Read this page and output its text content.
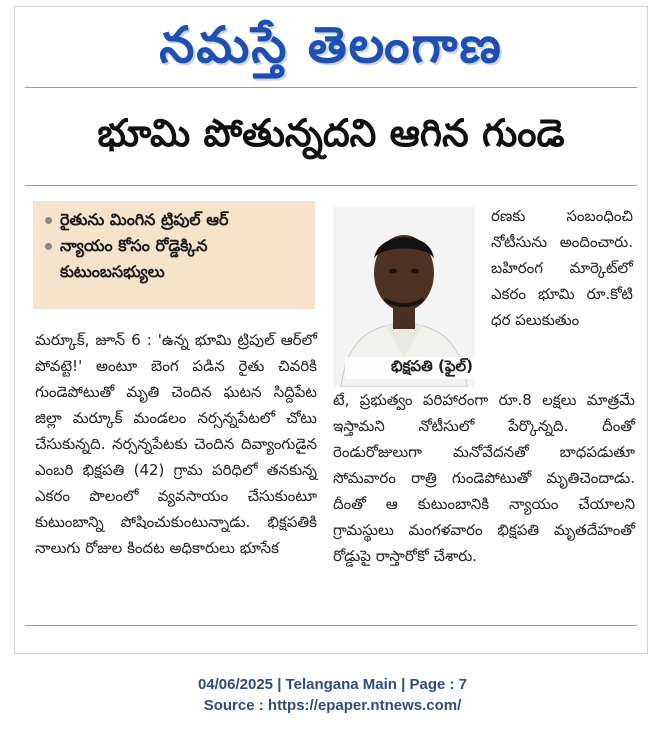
నమస్తే తెలంగాణ
భూమి పోతున్నదని ఆగిన గుండె
రైతును మింగిన ట్రిపుల్ ఆర్
న్యాయం కోసం రోడ్డెక్కిన కుటుంబసభ్యులు
భిక్షపతి (ఫైల్)

మర్కూక్, జూన్ 6 : 'ఉన్న భూమి ట్రిపుల్ ఆర్‌లో పోవట్టె!' అంటూ బెంగ పడిన రైతు చివరికి గుండెపోటుతో మృతి చెందిన ఘటన సిద్దిపేట జిల్లా మర్కూక్ మండలం నర్సన్నపేటలో చోటు చేసుకున్నది. నర్సన్నపేటకు చెందిన దివ్యాంగుడైన ఎంబరి భిక్షపతి (42) గ్రామ పరిధిలో తనకున్న ఎకరం పొలంలో వ్యవసాయం చేసుకుంటూ కుటుంబాన్ని పోషించుకుంటున్నాడు. భిక్షపతికి నాలుగు రోజుల కిందట అధికారులు భూసేక

రణకు సంబంధించి నోటీసును అందించారు. బహిరంగ మార్కెట్‌లో ఎకరం భూమి రూ.కోటి ధర పలుకుతుం

టే, ప్రభుత్వం పరిహారంగా రూ.8 లక్షలు మాత్రమే ఇస్తామని నోటీసులో పేర్కొన్నది. దీంతో రెండురోజులుగా మనోవేదనతో బాధపడుతూ సోమవారం రాత్రి గుండెపోటుతో మృతిచెందాడు. దీంతో ఆ కుటుంబానికి న్యాయం చేయాలని గ్రామస్థులు మంగళవారం భిక్షపతి మృతదేహంతో రోడ్డుపై రాస్తారోకో చేశారు.

04/06/2025 | Telangana Main | Page : 7
Source : https://epaper.ntnews.com/
